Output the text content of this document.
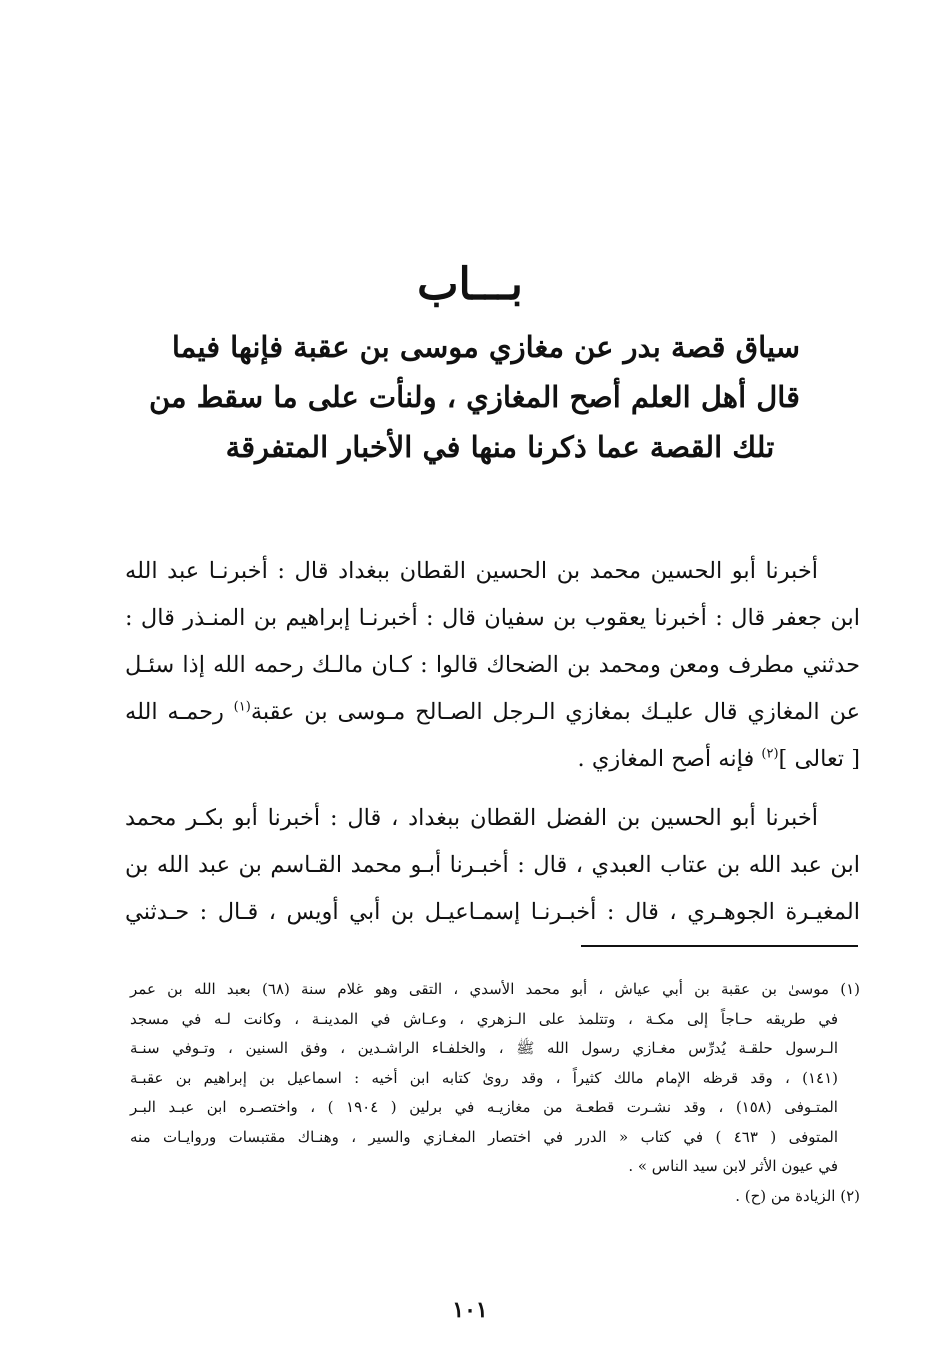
بـــاب
سياق قصة بدر عن مغازي موسى بن عقبة فإنها فيما
قال أهل العلم أصح المغازي ، ولنأت على ما سقط من
تلك القصة عما ذكرنا منها في الأخبار المتفرقة
أخبرنا أبو الحسين محمد بن الحسين القطان ببغداد قال : أخبرنـا عبد الله
ابن جعفر قال : أخبرنا يعقوب بن سفيان قال : أخبرنـا إبراهيم بن المنـذر قال :
حدثني مطرف ومعن ومحمد بن الضحاك قالوا : كـان مالـك رحمه الله إذا سئـل
عن المغازي قال عليـك بمغازي الـرجل الصـالح مـوسى بن عقبة$^{(١)}$ رحمـه الله
[ تعالى ]$^{(٢)}$ فإنه أصح المغازي .
أخبرنا أبو الحسين بن الفضل القطان ببغداد ، قال : أخبرنا أبو بكـر محمد
ابن عبد الله بن عتاب العبدي ، قال : أخبـرنا أبـو محمد القـاسم بن عبد الله بن
المغيـرة الجوهـري ، قال : أخبـرنـا إسمـاعيـل بن أبي أويس ، قـال : حـدثني
(١) موسىٰ بن عقبة بن أبي عياش ، أبو محمد الأسدي ، التقى وهو غلام سنة (٦٨) بعبد الله بن عمر
في طريقه حـاجاً إلى مكـة ، وتتلمذ على الـزهري ، وعـاش في المدينـة ، وكانت لـه في مسجد
الـرسول حلقـة يُدرِّس مغـازي رسول الله ﷺ ، والخلفـاء الراشـدين ، وفق السنين ، وتـوفي سنـة
(١٤١) ، وقد قرظه الإمام مالك كثيراً ، وقد روىٰ كتابه ابن أخيه : اسماعيل بن إبراهيم بن عقبـة
المتـوفى (١٥٨) ، وقد نشـرت قطعـة من مغازيـه في برلين ( ١٩٠٤ ) ، واختصـره ابن عبـد البـر
المتوفى ( ٤٦٣ ) في كتاب « الدرر في اختصار المغـازي والسير ، وهنـاك مقتبسات وروايـات منه
في عيون الأثر لابن سيد الناس » .
(٢) الزيادة من (ح) .
١٠١
